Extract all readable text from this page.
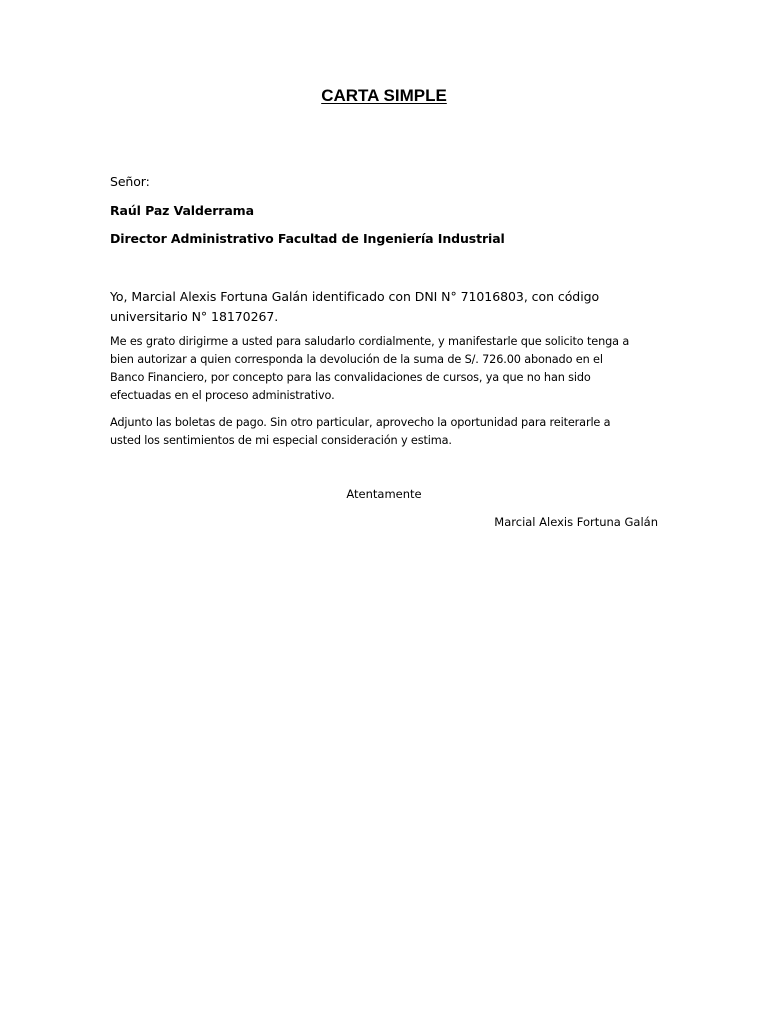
CARTA SIMPLE
Señor:
Raúl Paz Valderrama
Director Administrativo Facultad de Ingeniería Industrial
Yo, Marcial Alexis Fortuna Galán identificado con DNI N° 71016803, con código
universitario N° 18170267.
Me es grato dirigirme a usted para saludarlo cordialmente, y manifestarle que solicito tenga a
bien autorizar a quien corresponda la devolución de la suma de S/. 726.00 abonado en el
Banco Financiero, por concepto para las convalidaciones de cursos, ya que no han sido
efectuadas en el proceso administrativo.
Adjunto las boletas de pago. Sin otro particular, aprovecho la oportunidad para reiterarle a
usted los sentimientos de mi especial consideración y estima.
Atentamente
Marcial Alexis Fortuna Galán
